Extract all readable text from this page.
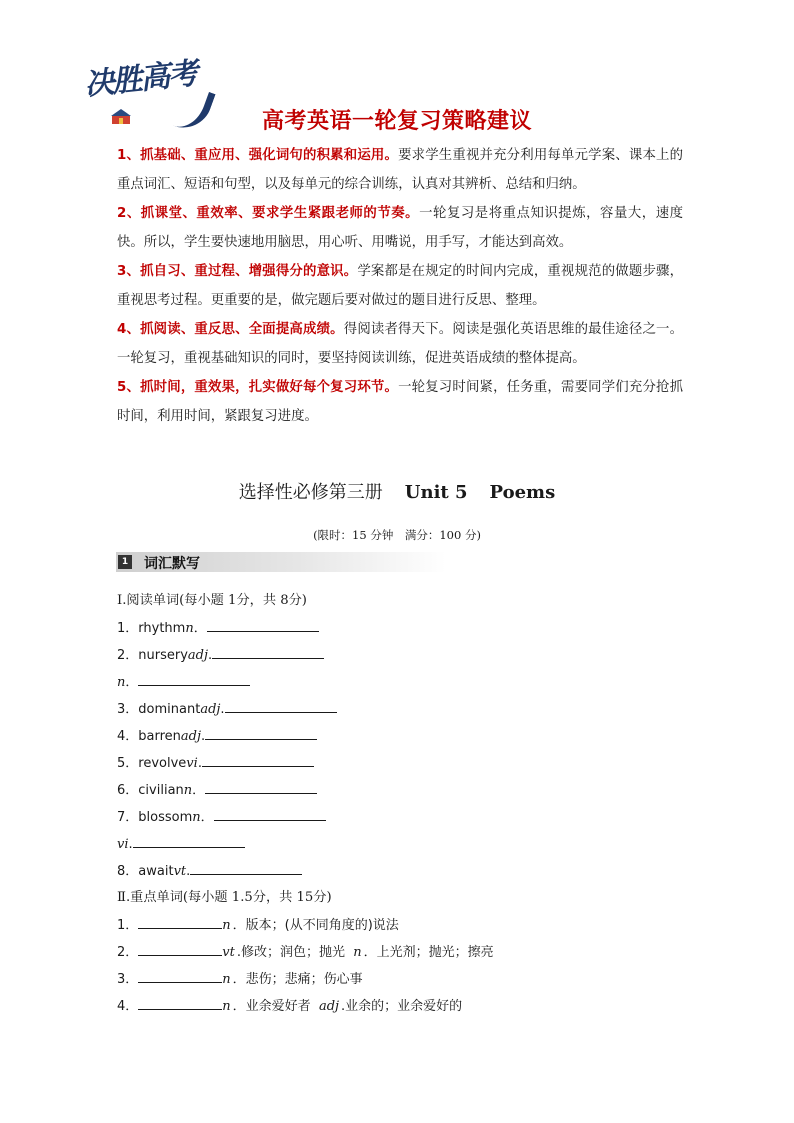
决胜高考
高考英语一轮复习策略建议

1、抓基础、重应用、强化词句的积累和运用。要求学生重视并充分利用每单元学案、课本上的重点词汇、短语和句型，以及每单元的综合训练，认真对其辨析、总结和归纳。

2、抓课堂、重效率、要求学生紧跟老师的节奏。一轮复习是将重点知识提炼，容量大，速度快。所以，学生要快速地用脑思，用心听、用嘴说，用手写，才能达到高效。

3、抓自习、重过程、增强得分的意识。学案都是在规定的时间内完成，重视规范的做题步骤，重视思考过程。更重要的是，做完题后要对做过的题目进行反思、整理。

4、抓阅读、重反思、全面提高成绩。得阅读者得天下。阅读是强化英语思维的最佳途径之一。一轮复习，重视基础知识的同时，要坚持阅读训练，促进英语成绩的整体提高。

5、抓时间，重效果，扎实做好每个复习环节。一轮复习时间紧，任务重，需要同学们充分抢抓时间，利用时间，紧跟复习进度。

选择性必修第三册 Unit 5 Poems
(限时：15 分钟　满分：100 分)
1 词汇默写
Ⅰ.阅读单词(每小题 1分，共 8分)
1．rhythmn．
2．nurseryadj.
n．
3．dominantadj.
4．barrenadj.
5．revolvevi.
6．civiliann．
7．blossomn．
vi.
8．awaitvt.
Ⅱ.重点单词(每小题 1.5分，共 15分)
1．	n ．版本；(从不同角度的)说法
2．	vt .修改；润色；抛光 n ．上光剂；抛光；擦亮
3．	n ．悲伤；悲痛；伤心事
4．	n ．业余爱好者 adj .业余的；业余爱好的
